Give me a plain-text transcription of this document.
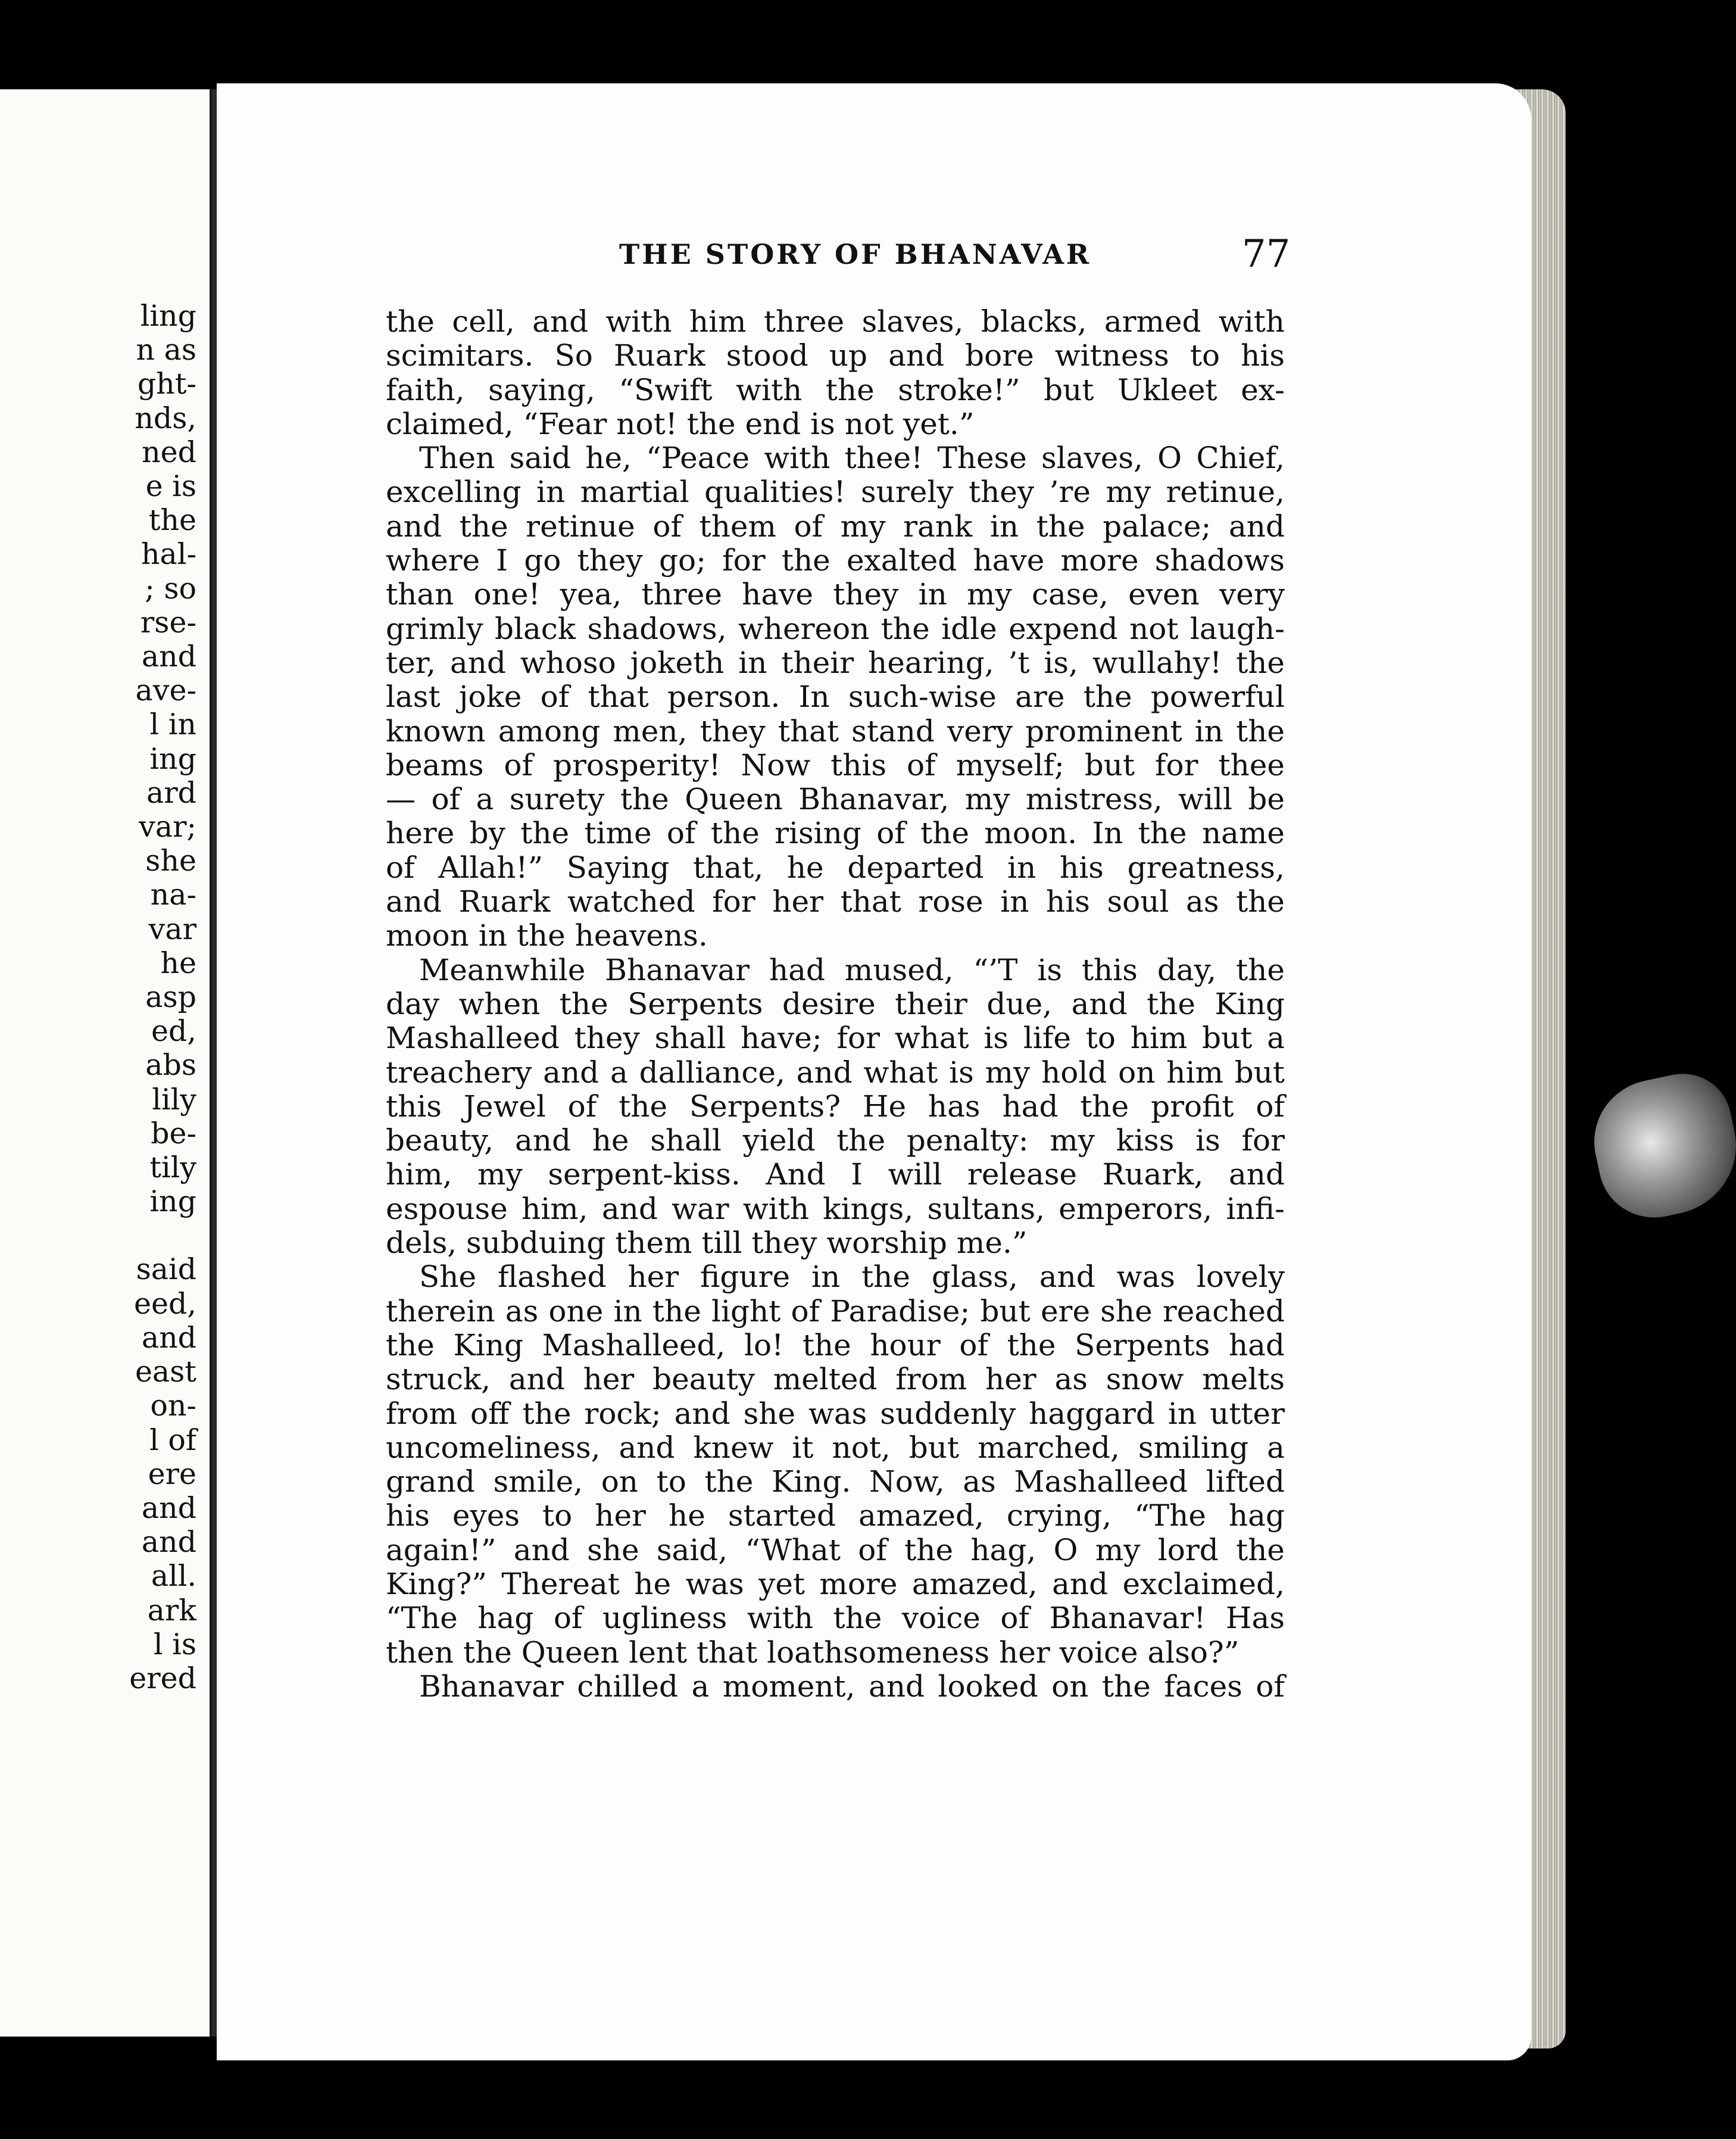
ling
n as
ght-
nds,
ned
e is
the
hal-
; so
rse-
and
ave-
l in
ing
ard
var;
she
na-
var
he
asp
ed,
abs
lily
be-
tily
ing
said
eed,
and
east
on-
l of
ere
and
and
all.
ark
l is
ered
THE STORY OF BHANAVAR	77
the cell, and with him three slaves, blacks, armed with
scimitars. So Ruark stood up and bore witness to his
faith, saying, “Swift with the stroke!” but Ukleet ex-
claimed, “Fear not! the end is not yet.”
Then said he, “Peace with thee! These slaves, O Chief,
excelling in martial qualities! surely they ’re my retinue,
and the retinue of them of my rank in the palace; and
where I go they go; for the exalted have more shadows
than one! yea, three have they in my case, even very
grimly black shadows, whereon the idle expend not laugh-
ter, and whoso joketh in their hearing, ’t is, wullahy! the
last joke of that person. In such-wise are the powerful
known among men, they that stand very prominent in the
beams of prosperity! Now this of myself; but for thee
— of a surety the Queen Bhanavar, my mistress, will be
here by the time of the rising of the moon. In the name
of Allah!” Saying that, he departed in his greatness,
and Ruark watched for her that rose in his soul as the
moon in the heavens.
Meanwhile Bhanavar had mused, “’T is this day, the
day when the Serpents desire their due, and the King
Mashalleed they shall have; for what is life to him but a
treachery and a dalliance, and what is my hold on him but
this Jewel of the Serpents? He has had the profit of
beauty, and he shall yield the penalty: my kiss is for
him, my serpent-kiss. And I will release Ruark, and
espouse him, and war with kings, sultans, emperors, infi-
dels, subduing them till they worship me.”
She flashed her figure in the glass, and was lovely
therein as one in the light of Paradise; but ere she reached
the King Mashalleed, lo! the hour of the Serpents had
struck, and her beauty melted from her as snow melts
from off the rock; and she was suddenly haggard in utter
uncomeliness, and knew it not, but marched, smiling a
grand smile, on to the King. Now, as Mashalleed lifted
his eyes to her he started amazed, crying, “The hag
again!” and she said, “What of the hag, O my lord the
King?” Thereat he was yet more amazed, and exclaimed,
“The hag of ugliness with the voice of Bhanavar! Has
then the Queen lent that loathsomeness her voice also?”
Bhanavar chilled a moment, and looked on the faces of
